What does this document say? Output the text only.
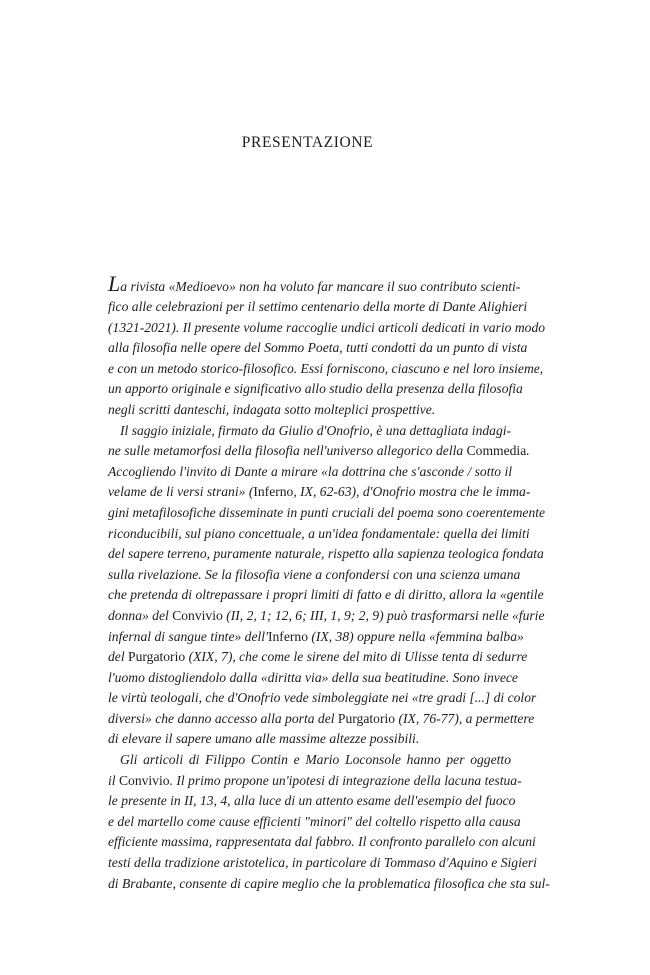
PRESENTAZIONE
La rivista «Medioevo» non ha voluto far mancare il suo contributo scienti-
fico alle celebrazioni per il settimo centenario della morte di Dante Alighieri
(1321-2021). Il presente volume raccoglie undici articoli dedicati in vario modo
alla filosofia nelle opere del Sommo Poeta, tutti condotti da un punto di vista
e con un metodo storico-filosofico. Essi forniscono, ciascuno e nel loro insieme,
un apporto originale e significativo allo studio della presenza della filosofia
negli scritti danteschi, indagata sotto molteplici prospettive.
Il saggio iniziale, firmato da Giulio d'Onofrio, è una dettagliata indagi-
ne sulle metamorfosi della filosofia nell'universo allegorico della Commedia.
Accogliendo l'invito di Dante a mirare «la dottrina che s'asconde / sotto il
velame de li versi strani» (Inferno, IX, 62-63), d'Onofrio mostra che le imma-
gini metafilosofiche disseminate in punti cruciali del poema sono coerentemente
riconducibili, sul piano concettuale, a un'idea fondamentale: quella dei limiti
del sapere terreno, puramente naturale, rispetto alla sapienza teologica fondata
sulla rivelazione. Se la filosofia viene a confondersi con una scienza umana
che pretenda di oltrepassare i propri limiti di fatto e di diritto, allora la «gentile
donna» del Convivio (II, 2, 1; 12, 6; III, 1, 9; 2, 9) può trasformarsi nelle «furie
infernal di sangue tinte» dell'Inferno (IX, 38) oppure nella «femmina balba»
del Purgatorio (XIX, 7), che come le sirene del mito di Ulisse tenta di sedurre
l'uomo distogliendolo dalla «diritta via» della sua beatitudine. Sono invece
le virtù teologali, che d'Onofrio vede simboleggiate nei «tre gradi [...] di color
diversi» che danno accesso alla porta del Purgatorio (IX, 76-77), a permettere
di elevare il sapere umano alle massime altezze possibili.
Gli articoli di Filippo Contin e Mario Loconsole hanno per oggetto
il Convivio. Il primo propone un'ipotesi di integrazione della lacuna testua-
le presente in II, 13, 4, alla luce di un attento esame dell'esempio del fuoco
e del martello come cause efficienti "minori" del coltello rispetto alla causa
efficiente massima, rappresentata dal fabbro. Il confronto parallelo con alcuni
testi della tradizione aristotelica, in particolare di Tommaso d'Aquino e Sigieri
di Brabante, consente di capire meglio che la problematica filosofica che sta sul-
